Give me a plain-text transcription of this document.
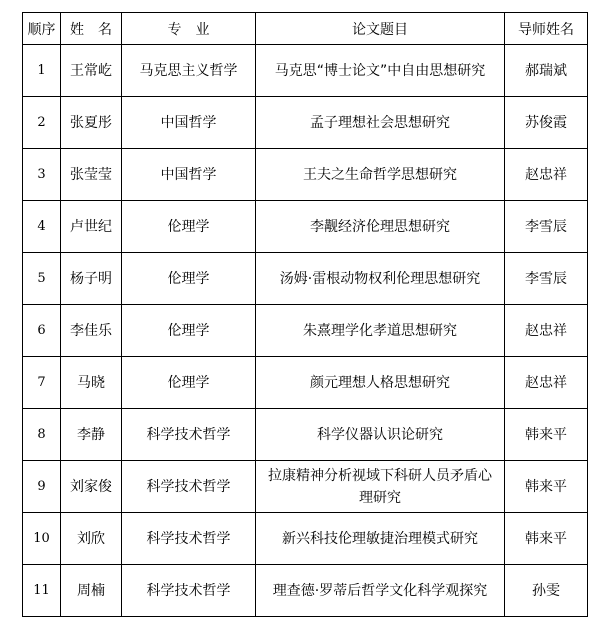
顺序	姓　名	专　业	论文题目	导师姓名
1	王常屹	马克思主义哲学	马克思“博士论文”中自由思想研究	郝瑞斌
2	张夏彤	中国哲学	孟子理想社会思想研究	苏俊霞
3	张莹莹	中国哲学	王夫之生命哲学思想研究	赵忠祥
4	卢世纪	伦理学	李觏经济伦理思想研究	李雪辰
5	杨子明	伦理学	汤姆·雷根动物权利伦理思想研究	李雪辰
6	李佳乐	伦理学	朱熹理学化孝道思想研究	赵忠祥
7	马晓	伦理学	颜元理想人格思想研究	赵忠祥
8	李静	科学技术哲学	科学仪器认识论研究	韩来平
9	刘家俊	科学技术哲学	拉康精神分析视域下科研人员矛盾心理研究	韩来平
10	刘欣	科学技术哲学	新兴科技伦理敏捷治理模式研究	韩来平
11	周楠	科学技术哲学	理查德·罗蒂后哲学文化科学观探究	孙雯
